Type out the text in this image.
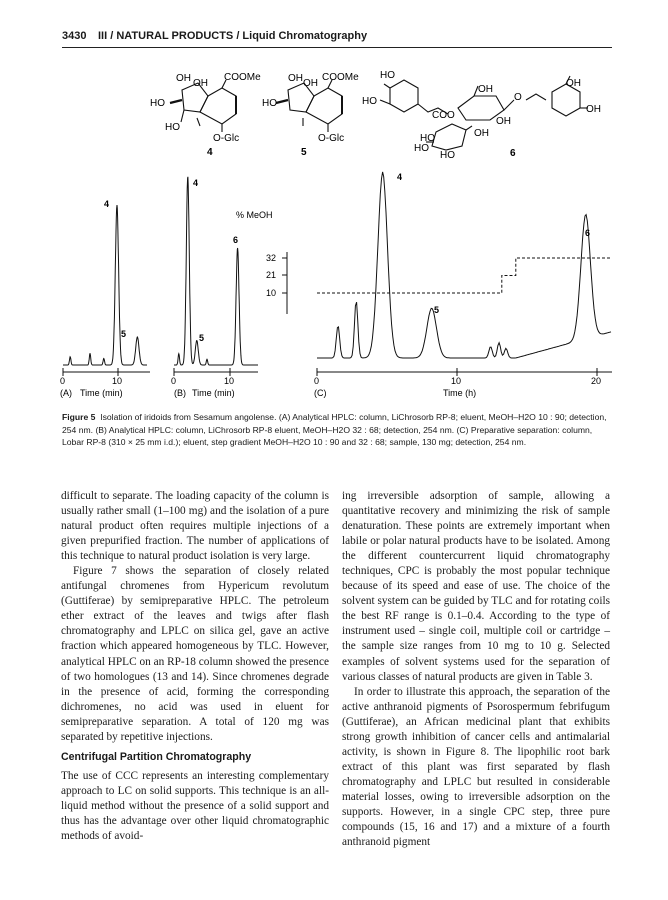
3430 III / NATURAL PRODUCTS / Liquid Chromatography
OH OH
COOMe
HO
HO
O-Glc
4
OH OH
COOMe
HO
O-Glc
5
HO
HO
COO
OH
O
OH
OH
OH
OH
HO
HO
HO	6
0	10
(A) Time (min)
4
5
0	10
(B) Time (min)
4
5
6
% MeOH
32
21
10
0	10	20
(C)	Time (h)
4
5
6
Figure 5 Isolation of iridoids from Sesamum angolense. (A) Analytical HPLC: column, LiChrosorb RP-8; eluent, MeOH–H2O 10 : 90; detection, 254 nm. (B) Analytical HPLC: column, LiChrosorb RP-8 eluent, MeOH–H2O 32 : 68; detection, 254 nm. (C) Preparative separation: column, Lobar RP-8 (310 × 25 mm i.d.); eluent, step gradient MeOH–H2O 10 : 90 and 32 : 68; sample, 130 mg; detection, 254 nm.

difficult to separate. The loading capacity of the column is usually rather small (1–100 mg) and the isolation of a pure natural product often requires multiple injections of a given prepurified fraction. The number of applications of this technique to natural product isolation is very large.

Figure 7 shows the separation of closely related antifungal chromenes from Hypericum revolutum (Guttiferae) by semipreparative HPLC. The petroleum ether extract of the leaves and twigs after flash chromatography and LPLC on silica gel, gave an active fraction which appeared homogeneous by TLC. However, analytical HPLC on an RP-18 column showed the presence of two homologues (13 and 14). Since chromenes degrade in the presence of acid, forming the corresponding dichromenes, no acid was used in eluent for semipreparative separation. A total of 120 mg was separated by repetitive injections.

Centrifugal Partition Chromatography

The use of CCC represents an interesting complementary approach to LC on solid supports. This technique is an all-liquid method without the presence of a solid support and thus has the advantage over other liquid chromatographic methods of avoid-

ing irreversible adsorption of sample, allowing a quantitative recovery and minimizing the risk of sample denaturation. These points are extremely important when labile or polar natural products have to be isolated. Among the different countercurrent liquid chromatography techniques, CPC is probably the most popular technique because of its speed and ease of use. The choice of the solvent system can be guided by TLC and for rotating coils the best RF range is 0.1–0.4. According to the type of instrument used – single coil, multiple coil or cartridge – the sample size ranges from 10 mg to 10 g. Selected examples of solvent systems used for the separation of various classes of natural products are given in Table 3.

In order to illustrate this approach, the separation of the active anthranoid pigments of Psorospermum febrifugum (Guttiferae), an African medicinal plant that exhibits strong growth inhibition of cancer cells and antimalarial activity, is shown in Figure 8. The lipophilic root bark extract of this plant was first separated by flash chromatography and LPLC but resulted in considerable material losses, owing to irreversible adsorption on the supports. However, in a single CPC step, three pure compounds (15, 16 and 17) and a mixture of a fourth anthranoid pigment
